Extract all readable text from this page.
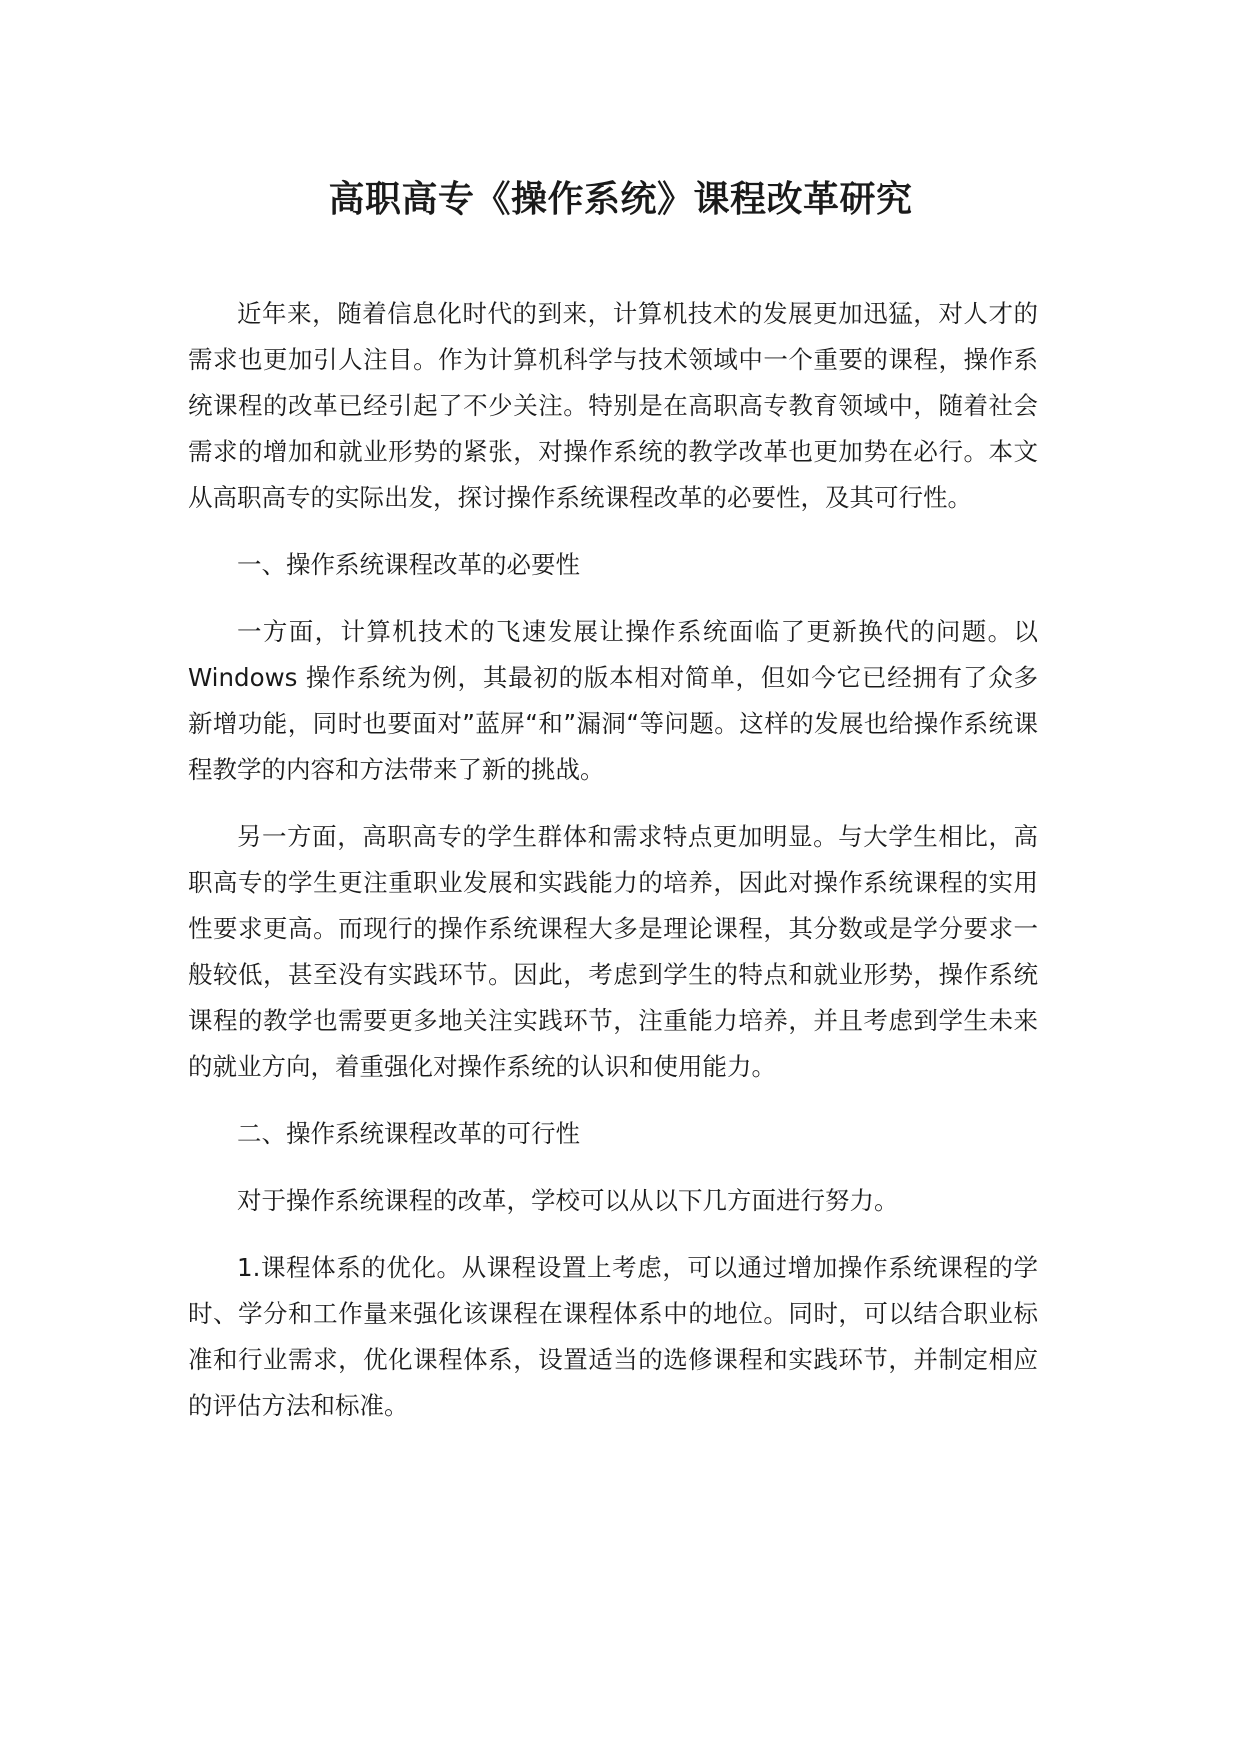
高职高专《操作系统》课程改革研究

近年来，随着信息化时代的到来，计算机技术的发展更加迅猛，对人才的需求也更加引人注目。作为计算机科学与技术领域中一个重要的课程，操作系统课程的改革已经引起了不少关注。特别是在高职高专教育领域中，随着社会需求的增加和就业形势的紧张，对操作系统的教学改革也更加势在必行。本文从高职高专的实际出发，探讨操作系统课程改革的必要性，及其可行性。

一、操作系统课程改革的必要性

一方面，计算机技术的飞速发展让操作系统面临了更新换代的问题。以 Windows 操作系统为例，其最初的版本相对简单，但如今它已经拥有了众多新增功能，同时也要面对”蓝屏“和”漏洞“等问题。这样的发展也给操作系统课程教学的内容和方法带来了新的挑战。

另一方面，高职高专的学生群体和需求特点更加明显。与大学生相比，高职高专的学生更注重职业发展和实践能力的培养，因此对操作系统课程的实用性要求更高。而现行的操作系统课程大多是理论课程，其分数或是学分要求一般较低，甚至没有实践环节。因此，考虑到学生的特点和就业形势，操作系统课程的教学也需要更多地关注实践环节，注重能力培养，并且考虑到学生未来的就业方向，着重强化对操作系统的认识和使用能力。

二、操作系统课程改革的可行性

对于操作系统课程的改革，学校可以从以下几方面进行努力。

1.课程体系的优化。从课程设置上考虑，可以通过增加操作系统课程的学时、学分和工作量来强化该课程在课程体系中的地位。同时，可以结合职业标准和行业需求，优化课程体系，设置适当的选修课程和实践环节，并制定相应的评估方法和标准。
